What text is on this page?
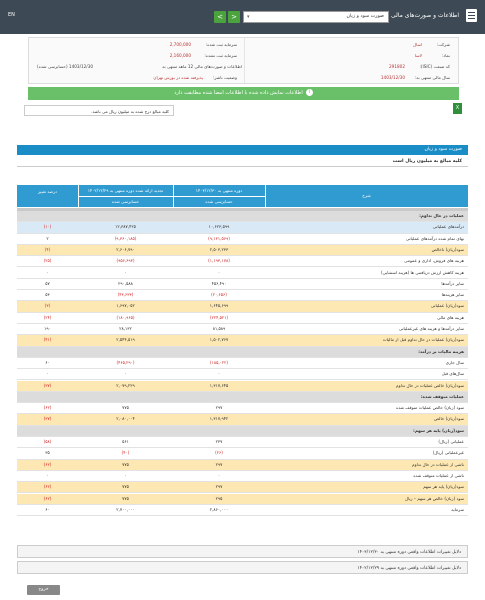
EN	<	>	صورت سود و زیان
▾	اطلاعات و صورت‌های مالی
شرکت:
اسال
نماد:
لاسا
کد صنعت (ISIC):
291802
سال مالی منتهی به:
1403/12/30
سرمایه ثبت شده:
2,700,000
سرمایه ثبت نشده:
2,160,000
اطلاعات و صورت‌های مالی 12 ماهه منتهی به
1403/12/30 (حسابرسی شده)
وضعیت ناشر:
پذیرفته شده در بورس تهران
iاطلاعات نمایش داده شده با اطلاعات امضا شده مطابقت دارد
کلیه مبالغ درج شده به میلیون ریال می باشد.
X
صورت سود و زیان
کلیه مبالغ به میلیون ریال است
درصد تغییر	تجدید ارائه شده دوره منتهی به ۱۴۰۲/۱۲/۲۹
حسابرسی شده
دوره منتهی به ۱۴۰۳/۱۲/۳۰
حسابرسی شده
شرح
عملیات در حال تداوم:
(۱۰)	۱۲,۳۸۷,۴۲۵	۱۰,۶۲۳,۵۹۹	درآمدهای عملیاتی
۲	(۹,۳۶۰,۱۸۵)	(۹,۱۳۱,۵۶۹)	بهای تمام شده درآمدهای عملیاتی
(۴)	۲,۶۰۶,۷۹۰	۲,۵۰۳,۲۳۳	سود(زیان) ناخالص
(۲۵)	(۹۵۶,۶۹۳)	(۱,۱۹۳,۱۷۸)	هزینه های فروش، اداری و عمومی
۰	۰	۰	هزینه کاهش ارزش دریافتنی ها (هزینه استثنایی)
۵۷	۲۹۰,۵۸۸	۴۵۶,۴۹۰	سایر درآمدها
۵۳	(۴۳,۶۳۳)	(۲۰,۶۵۶)	سایر هزینه‌ها
(۳)	۱,۶۹۷,۰۵۲	۱,۶۴۵,۶۹۹	سود(زیان) عملیاتی
(۲۴)	(۱۸۰,۹۶۵)	(۲۲۴,۵۲۱)	هزینه های مالی
۱۹۰	۲۸,۱۳۲	۸۱,۵۸۹	سایر درآمدها و هزینه های غیرعملیاتی
(۴۱)	۲,۵۴۴,۵۱۹	۱,۵۰۲,۷۶۷	سود(زیان) عملیات در حال تداوم قبل از مالیات
هزینه مالیات بر درآمد:
۶۰	(۴۶۵,۲۹۰)	(۱۸۵,۰۲۲)	سال جاری
۰	۰	۰	سال‌های قبل
(۳۷)	۲,۰۷۹,۲۲۹	۱,۳۱۷,۶۴۵	سود(زیان) خالص عملیات در حال تداوم
عملیات متوقف شده:
(۶۲)	۷۷۵	۲۹۷	سود (زیان) خالص عملیات متوقف شده
(۳۷)	۲,۰۸۰,۰۰۴	۱,۳۱۷,۹۴۲	سود(زیان) خالص
سود(زیان) پایه هر سهم:
(۵۸)	۵۶۱	۲۳۷	عملیاتی (ریال)
۳۵	(۴۰)	(۲۶)	غیرعملیاتی (ریال)
(۶۲)	۷۷۵	۲۹۷	ناشی از عملیات در حال تداوم
۰	۰	۰	ناشی از عملیات متوقف شده
(۶۲)	۷۷۵	۲۹۷	سود(زیان) پایه هر سهم
(۶۲)	۷۷۵	۲۹۵	سود (زیان) خالص هر سهم – ریال
۶۰	۲,۷۰۰,۰۰۰	۲,۸۶۰,۰۰۰	سرمایه
دلایل تغییرات اطلاعات واقعی دوره منتهی به ۱۴۰۳/۱۲/۳۰
دلایل تغییرات اطلاعات واقعی دوره منتهی به ۱۴۰۲/۱۲/۲۹
خروج
